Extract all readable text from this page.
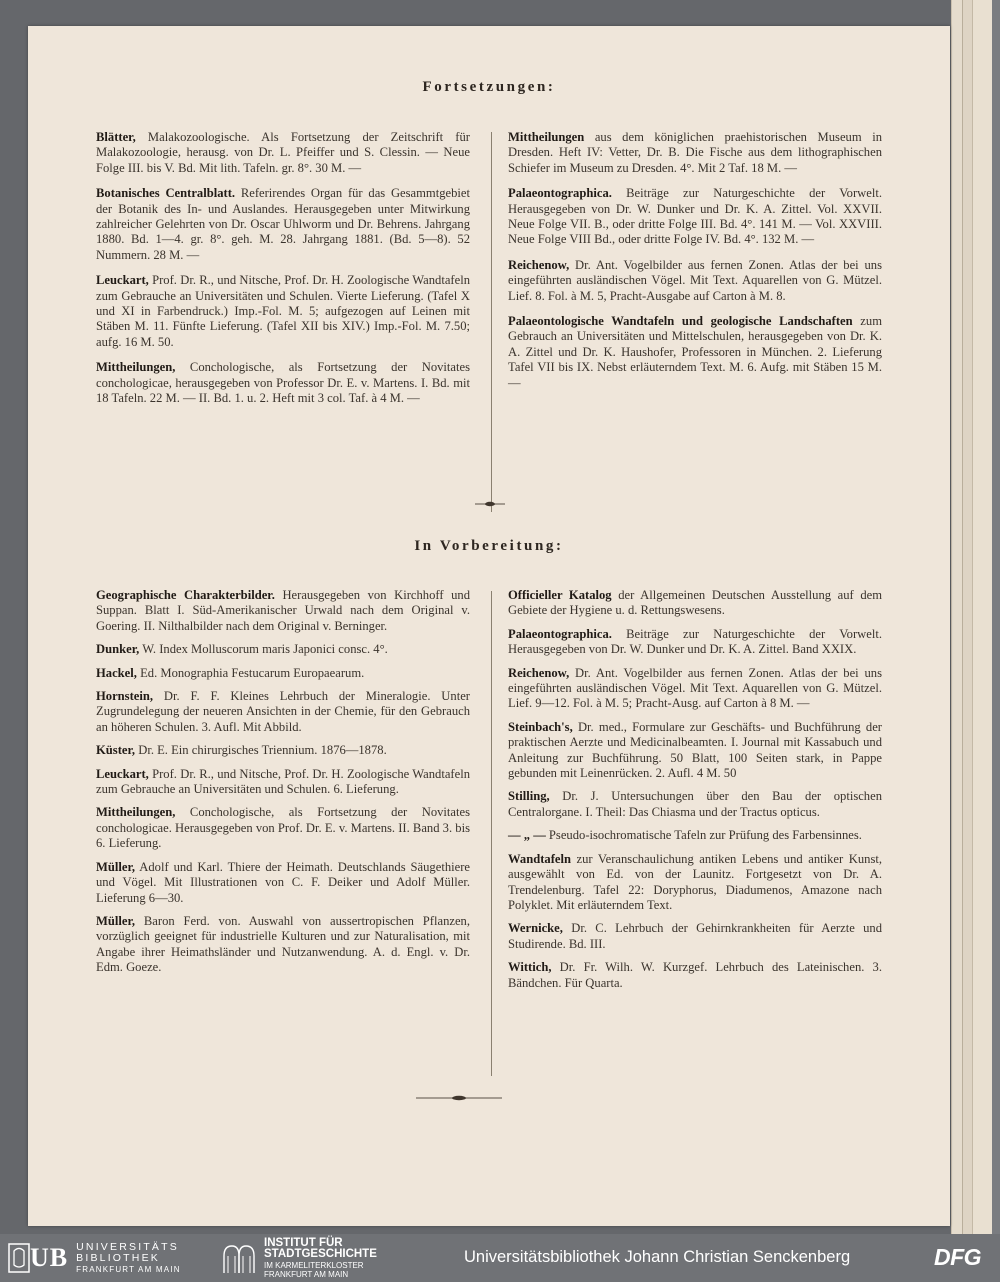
Fortsetzungen:
Blätter, Malakozoologische. Als Fortsetzung der Zeitschrift für Malakozoologie, herausg. von Dr. L. Pfeiffer und S. Clessin. — Neue Folge III. bis V. Bd. Mit lith. Tafeln. gr. 8°. 30 M. —
Botanisches Centralblatt. Referirendes Organ für das Gesammtgebiet der Botanik des In- und Auslandes. Herausgegeben unter Mitwirkung zahlreicher Gelehrten von Dr. Oscar Uhlworm und Dr. Behrens. Jahrgang 1880. Bd. 1—4. gr. 8°. geh. M. 28. Jahrgang 1881. (Bd. 5—8). 52 Nummern. 28 M. —
Leuckart, Prof. Dr. R., und Nitsche, Prof. Dr. H. Zoologische Wandtafeln zum Gebrauche an Universitäten und Schulen. Vierte Lieferung. (Tafel X und XI in Farbendruck.) Imp.-Fol. M. 5; aufgezogen auf Leinen mit Stäben M. 11. Fünfte Lieferung. (Tafel XII bis XIV.) Imp.-Fol. M. 7.50; aufg. 16 M. 50.
Mittheilungen, Conchologische, als Fortsetzung der Novitates conchologicae, herausgegeben von Professor Dr. E. v. Martens. I. Bd. mit 18 Tafeln. 22 M. — II. Bd. 1. u. 2. Heft mit 3 col. Taf. à 4 M. —
Mittheilungen aus dem königlichen praehistorischen Museum in Dresden. Heft IV: Vetter, Dr. B. Die Fische aus dem lithographischen Schiefer im Museum zu Dresden. 4°. Mit 2 Taf. 18 M. —
Palaeontographica. Beiträge zur Naturgeschichte der Vorwelt. Herausgegeben von Dr. W. Dunker und Dr. K. A. Zittel. Vol. XXVII. Neue Folge VII. B., oder dritte Folge III. Bd. 4°. 141 M. — Vol. XXVIII. Neue Folge VIII Bd., oder dritte Folge IV. Bd. 4°. 132 M. —
Reichenow, Dr. Ant. Vogelbilder aus fernen Zonen. Atlas der bei uns eingeführten ausländischen Vögel. Mit Text. Aquarellen von G. Mützel. Lief. 8. Fol. à M. 5, Pracht-Ausgabe auf Carton à M. 8.
Palaeontologische Wandtafeln und geologische Landschaften zum Gebrauch an Universitäten und Mittelschulen, herausgegeben von Dr. K. A. Zittel und Dr. K. Haushofer, Professoren in München. 2. Lieferung Tafel VII bis IX. Nebst erläuterndem Text. M. 6. Aufg. mit Stäben 15 M. —
In Vorbereitung:
Geographische Charakterbilder. Herausgegeben von Kirchhoff und Suppan. Blatt I. Süd-Amerikanischer Urwald nach dem Original v. Goering. II. Nilthalbilder nach dem Original v. Berninger.
Dunker, W. Index Molluscorum maris Japonici consc. 4°.
Hackel, Ed. Monographia Festucarum Europaearum.
Hornstein, Dr. F. F. Kleines Lehrbuch der Mineralogie. Unter Zugrundelegung der neueren Ansichten in der Chemie, für den Gebrauch an höheren Schulen. 3. Aufl. Mit Abbild.
Küster, Dr. E. Ein chirurgisches Triennium. 1876—1878.
Leuckart, Prof. Dr. R., und Nitsche, Prof. Dr. H. Zoologische Wandtafeln zum Gebrauche an Universitäten und Schulen. 6. Lieferung.
Mittheilungen, Conchologische, als Fortsetzung der Novitates conchologicae. Herausgegeben von Prof. Dr. E. v. Martens. II. Band 3. bis 6. Lieferung.
Müller, Adolf und Karl. Thiere der Heimath. Deutschlands Säugethiere und Vögel. Mit Illustrationen von C. F. Deiker und Adolf Müller. Lieferung 6—30.
Müller, Baron Ferd. von. Auswahl von aussertropischen Pflanzen, vorzüglich geeignet für industrielle Kulturen und zur Naturalisation, mit Angabe ihrer Heimathsländer und Nutzanwendung. A. d. Engl. v. Dr. Edm. Goeze.
Officieller Katalog der Allgemeinen Deutschen Ausstellung auf dem Gebiete der Hygiene u. d. Rettungswesens.
Palaeontographica. Beiträge zur Naturgeschichte der Vorwelt. Herausgegeben von Dr. W. Dunker und Dr. K. A. Zittel. Band XXIX.
Reichenow, Dr. Ant. Vogelbilder aus fernen Zonen. Atlas der bei uns eingeführten ausländischen Vögel. Mit Text. Aquarellen von G. Mützel. Lief. 9—12. Fol. à M. 5; Pracht-Ausg. auf Carton à 8 M. —
Steinbach's, Dr. med., Formulare zur Geschäfts- und Buchführung der praktischen Aerzte und Medicinalbeamten. I. Journal mit Kassabuch und Anleitung zur Buchführung. 50 Blatt, 100 Seiten stark, in Pappe gebunden mit Leinenrücken. 2. Aufl. 4 M. 50
Stilling, Dr. J. Untersuchungen über den Bau der optischen Centralorgane. I. Theil: Das Chiasma und der Tractus opticus.
— „ — Pseudo-isochromatische Tafeln zur Prüfung des Farbensinnes.
Wandtafeln zur Veranschaulichung antiken Lebens und antiker Kunst, ausgewählt von Ed. von der Launitz. Fortgesetzt von Dr. A. Trendelenburg. Tafel 22: Doryphorus, Diadumenos, Amazone nach Polyklet. Mit erläuterndem Text.
Wernicke, Dr. C. Lehrbuch der Gehirnkrankheiten für Aerzte und Studirende. Bd. III.
Wittich, Dr. Fr. Wilh. W. Kurzgef. Lehrbuch des Lateinischen. 3. Bändchen. Für Quarta.
UB UNIVERSITÄTS
BIBLIOTHEK
FRANKFURT AM MAIN
INSTITUT FÜR
STADTGESCHICHTE
IM KARMELITERKLOSTER
FRANKFURT AM MAIN
Universitätsbibliothek Johann Christian Senckenberg	DFG
